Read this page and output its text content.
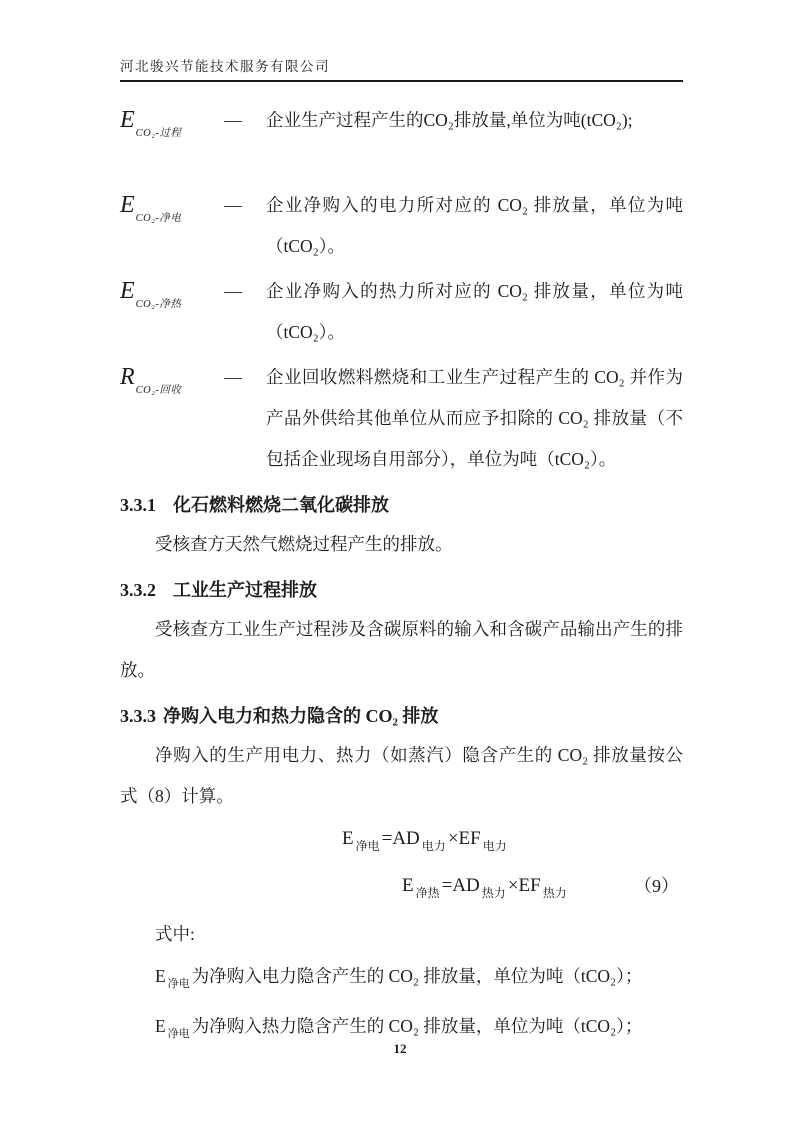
河北骏兴节能技术服务有限公司
$E_{CO_2-过程}$
—	企业生产过程产生的CO₂排放量,单位为吨(tCO₂);
$E_{CO_2-净电}$
—	企业净购入的电力所对应的 CO₂ 排放量，单位为吨（tCO₂）。
$E_{CO_2-净热}$
—	企业净购入的热力所对应的 CO₂ 排放量，单位为吨（tCO₂）。
$R_{CO_2-回收}$
—	企业回收燃料燃烧和工业生产过程产生的 CO₂ 并作为产品外供给其他单位从而应予扣除的 CO₂ 排放量（不包括企业现场自用部分），单位为吨（tCO₂）。
3.3.1 化石燃料燃烧二氧化碳排放

受核查方天然气燃烧过程产生的排放。

3.3.2 工业生产过程排放

受核查方工业生产过程涉及含碳原料的输入和含碳产品输出产生的排放。

3.3.3 净购入电力和热力隐含的 CO₂ 排放

净购入的生产用电力、热力（如蒸汽）隐含产生的 CO₂ 排放量按公式（8）计算。

E $_{净电}$ =AD $_{电力}$ ×EF $_{电力}$
E $_{净热}$ =AD $_{热力}$ ×EF $_{热力}$	（9）
式中:
E $_{净电}$ 为净购入电力隐含产生的 CO₂ 排放量，单位为吨（tCO₂）；
E $_{净电}$ 为净购入热力隐含产生的 CO₂ 排放量，单位为吨（tCO₂）；
12
